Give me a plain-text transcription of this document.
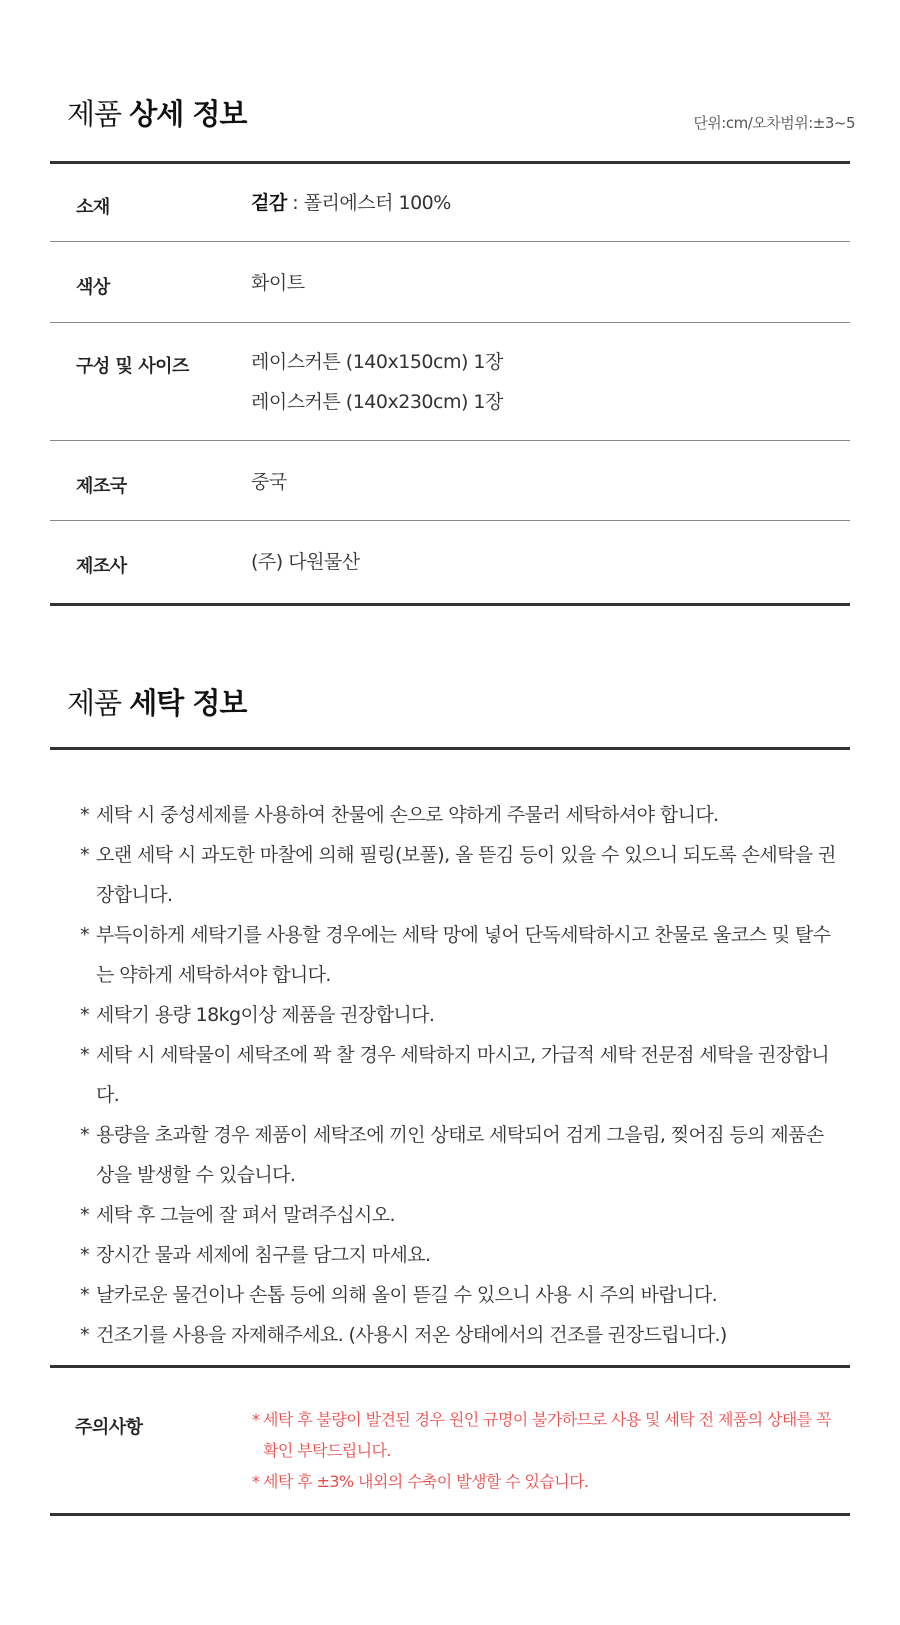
제품 상세 정보	단위:cm/오차범위:±3~5
소재	겉감 : 폴리에스터 100%
색상	화이트
구성 및 사이즈	레이스커튼 (140x150cm) 1장
레이스커튼 (140x230cm) 1장
제조국	중국
제조사	(주) 다원물산
제품 세탁 정보
* 세탁 시 중성세제를 사용하여 찬물에 손으로 약하게 주물러 세탁하셔야 합니다.
* 오랜 세탁 시 과도한 마찰에 의해 필링(보풀), 올 뜯김 등이 있을 수 있으니 되도록 손세탁을 권장합니다.
* 부득이하게 세탁기를 사용할 경우에는 세탁 망에 넣어 단독세탁하시고 찬물로 울코스 및 탈수는 약하게 세탁하셔야 합니다.
* 세탁기 용량 18kg이상 제품을 권장합니다.
* 세탁 시 세탁물이 세탁조에 꽉 찰 경우 세탁하지 마시고, 가급적 세탁 전문점 세탁을 권장합니다.
* 용량을 초과할 경우 제품이 세탁조에 끼인 상태로 세탁되어 검게 그을림, 찢어짐 등의 제품손상을 발생할 수 있습니다.
* 세탁 후 그늘에 잘 펴서 말려주십시오.
* 장시간 물과 세제에 침구를 담그지 마세요.
* 날카로운 물건이나 손톱 등에 의해 올이 뜯길 수 있으니 사용 시 주의 바랍니다.
* 건조기를 사용을 자제해주세요. (사용시 저온 상태에서의 건조를 권장드립니다.)
주의사항
*	세탁 후 불량이 발견된 경우 원인 규명이 불가하므로 사용 및 세탁 전 제품의 상태를 꼭 확인 부탁드립니다.
* 세탁 후 ±3% 내외의 수축이 발생할 수 있습니다.
